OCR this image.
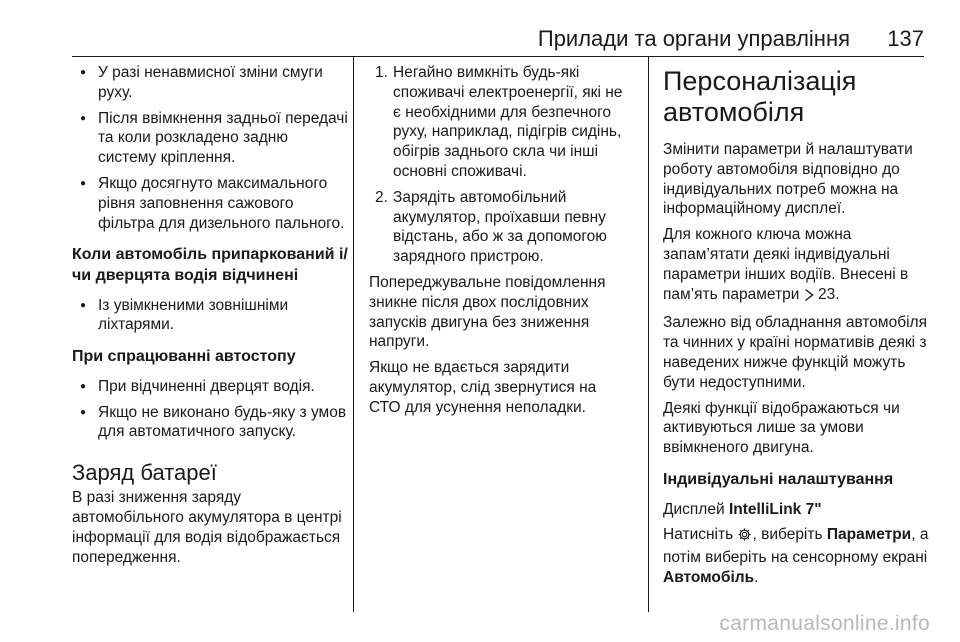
Прилади та органи управління 137
● У разі ненавмисної зміни смуги руху.
● Після ввімкнення задньої передачі та коли розкладено задню систему кріплення.
● Якщо досягнуто максимального рівня заповнення сажового фільтра для дизельного пального.
Коли автомобіль припаркований і/чи дверцята водія відчинені
● Із увімкненими зовнішніми ліхтарями.
При спрацюванні автостопу
● При відчиненні дверцят водія.
● Якщо не виконано будь-яку з умов для автоматичного запуску.
Заряд батареї

В разі зниження заряду автомобільного акумулятора в центрі інформації для водія відображається попередження.

1. Негайно вимкніть будь-які споживачі електроенергії, які не є необхідними для безпечного руху, наприклад, підігрів сидінь, обігрів заднього скла чи інші основні споживачі.
2. Зарядіть автомобільний акумулятор, проїхавши певну відстань, або ж за допомогою зарядного пристрою.

Попереджувальне повідомлення зникне після двох послідовних запусків двигуна без зниження напруги.

Якщо не вдається зарядити акумулятор, слід звернутися на СТО для усунення неполадки.

Персоналізація автомобіля

Змінити параметри й налаштувати роботу автомобіля відповідно до індивідуальних потреб можна на інформаційному дисплеї.

Для кожного ключа можна запам’ятати деякі індивідуальні параметри інших водіїв. Внесені в пам’ять параметри 23.

Залежно від обладнання автомобіля та чинних у країні нормативів деякі з наведених нижче функцій можуть бути недоступними.

Деякі функції відображаються чи активуються лише за умови ввімкненого двигуна.

Індивідуальні налаштування

Дисплей IntelliLink 7"

Натисніть , виберіть Параметри, а потім виберіть на сенсорному екрані Автомобіль.

carmanualsonline.info
